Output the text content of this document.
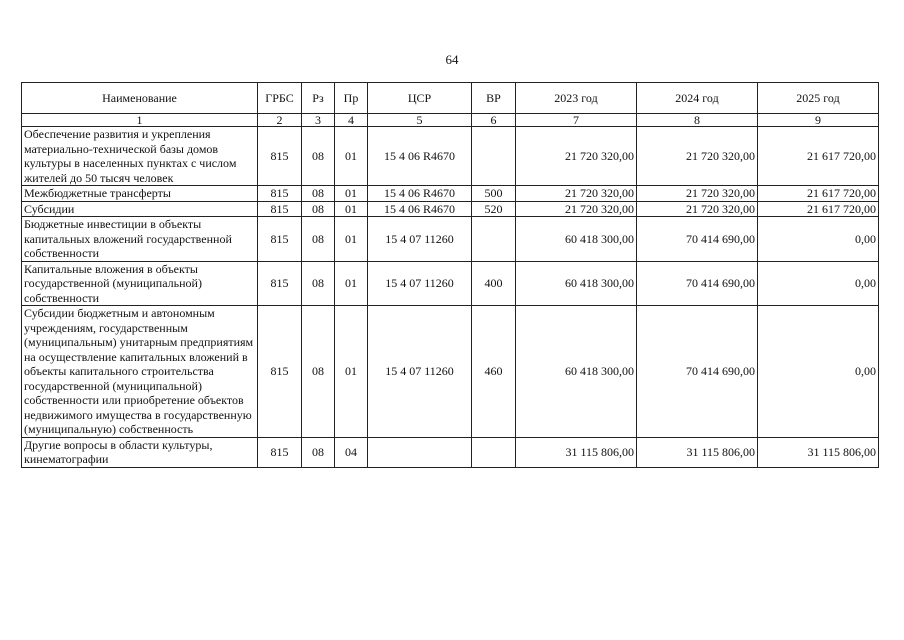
64
Наименование	ГРБС	Рз	Пр	ЦСР	ВР	2023 год	2024 год	2025 год
1	2	3	4	5	6	7	8	9
Обеспечение развития и укрепления материально-технической базы домов культуры в населенных пунктах с числом жителей до 50 тысяч человек	815	08	01	15 4 06 R4670		21 720 320,00	21 720 320,00	21 617 720,00
Межбюджетные трансферты	815	08	01	15 4 06 R4670	500	21 720 320,00	21 720 320,00	21 617 720,00
Субсидии	815	08	01	15 4 06 R4670	520	21 720 320,00	21 720 320,00	21 617 720,00
Бюджетные инвестиции в объекты капитальных вложений государственной собственности	815	08	01	15 4 07 11260		60 418 300,00	70 414 690,00	0,00
Капитальные вложения в объекты государственной (муниципальной) собственности	815	08	01	15 4 07 11260	400	60 418 300,00	70 414 690,00	0,00
Субсидии бюджетным и автономным учреждениям, государственным (муниципальным) унитарным предприятиям на осуществление капитальных вложений в объекты капитального строительства государственной (муниципальной) собственности или приобретение объектов недвижимого имущества в государственную (муниципальную) собственность	815	08	01	15 4 07 11260	460	60 418 300,00	70 414 690,00	0,00
Другие вопросы в области культуры, кинематографии	815	08	04			31 115 806,00	31 115 806,00	31 115 806,00
